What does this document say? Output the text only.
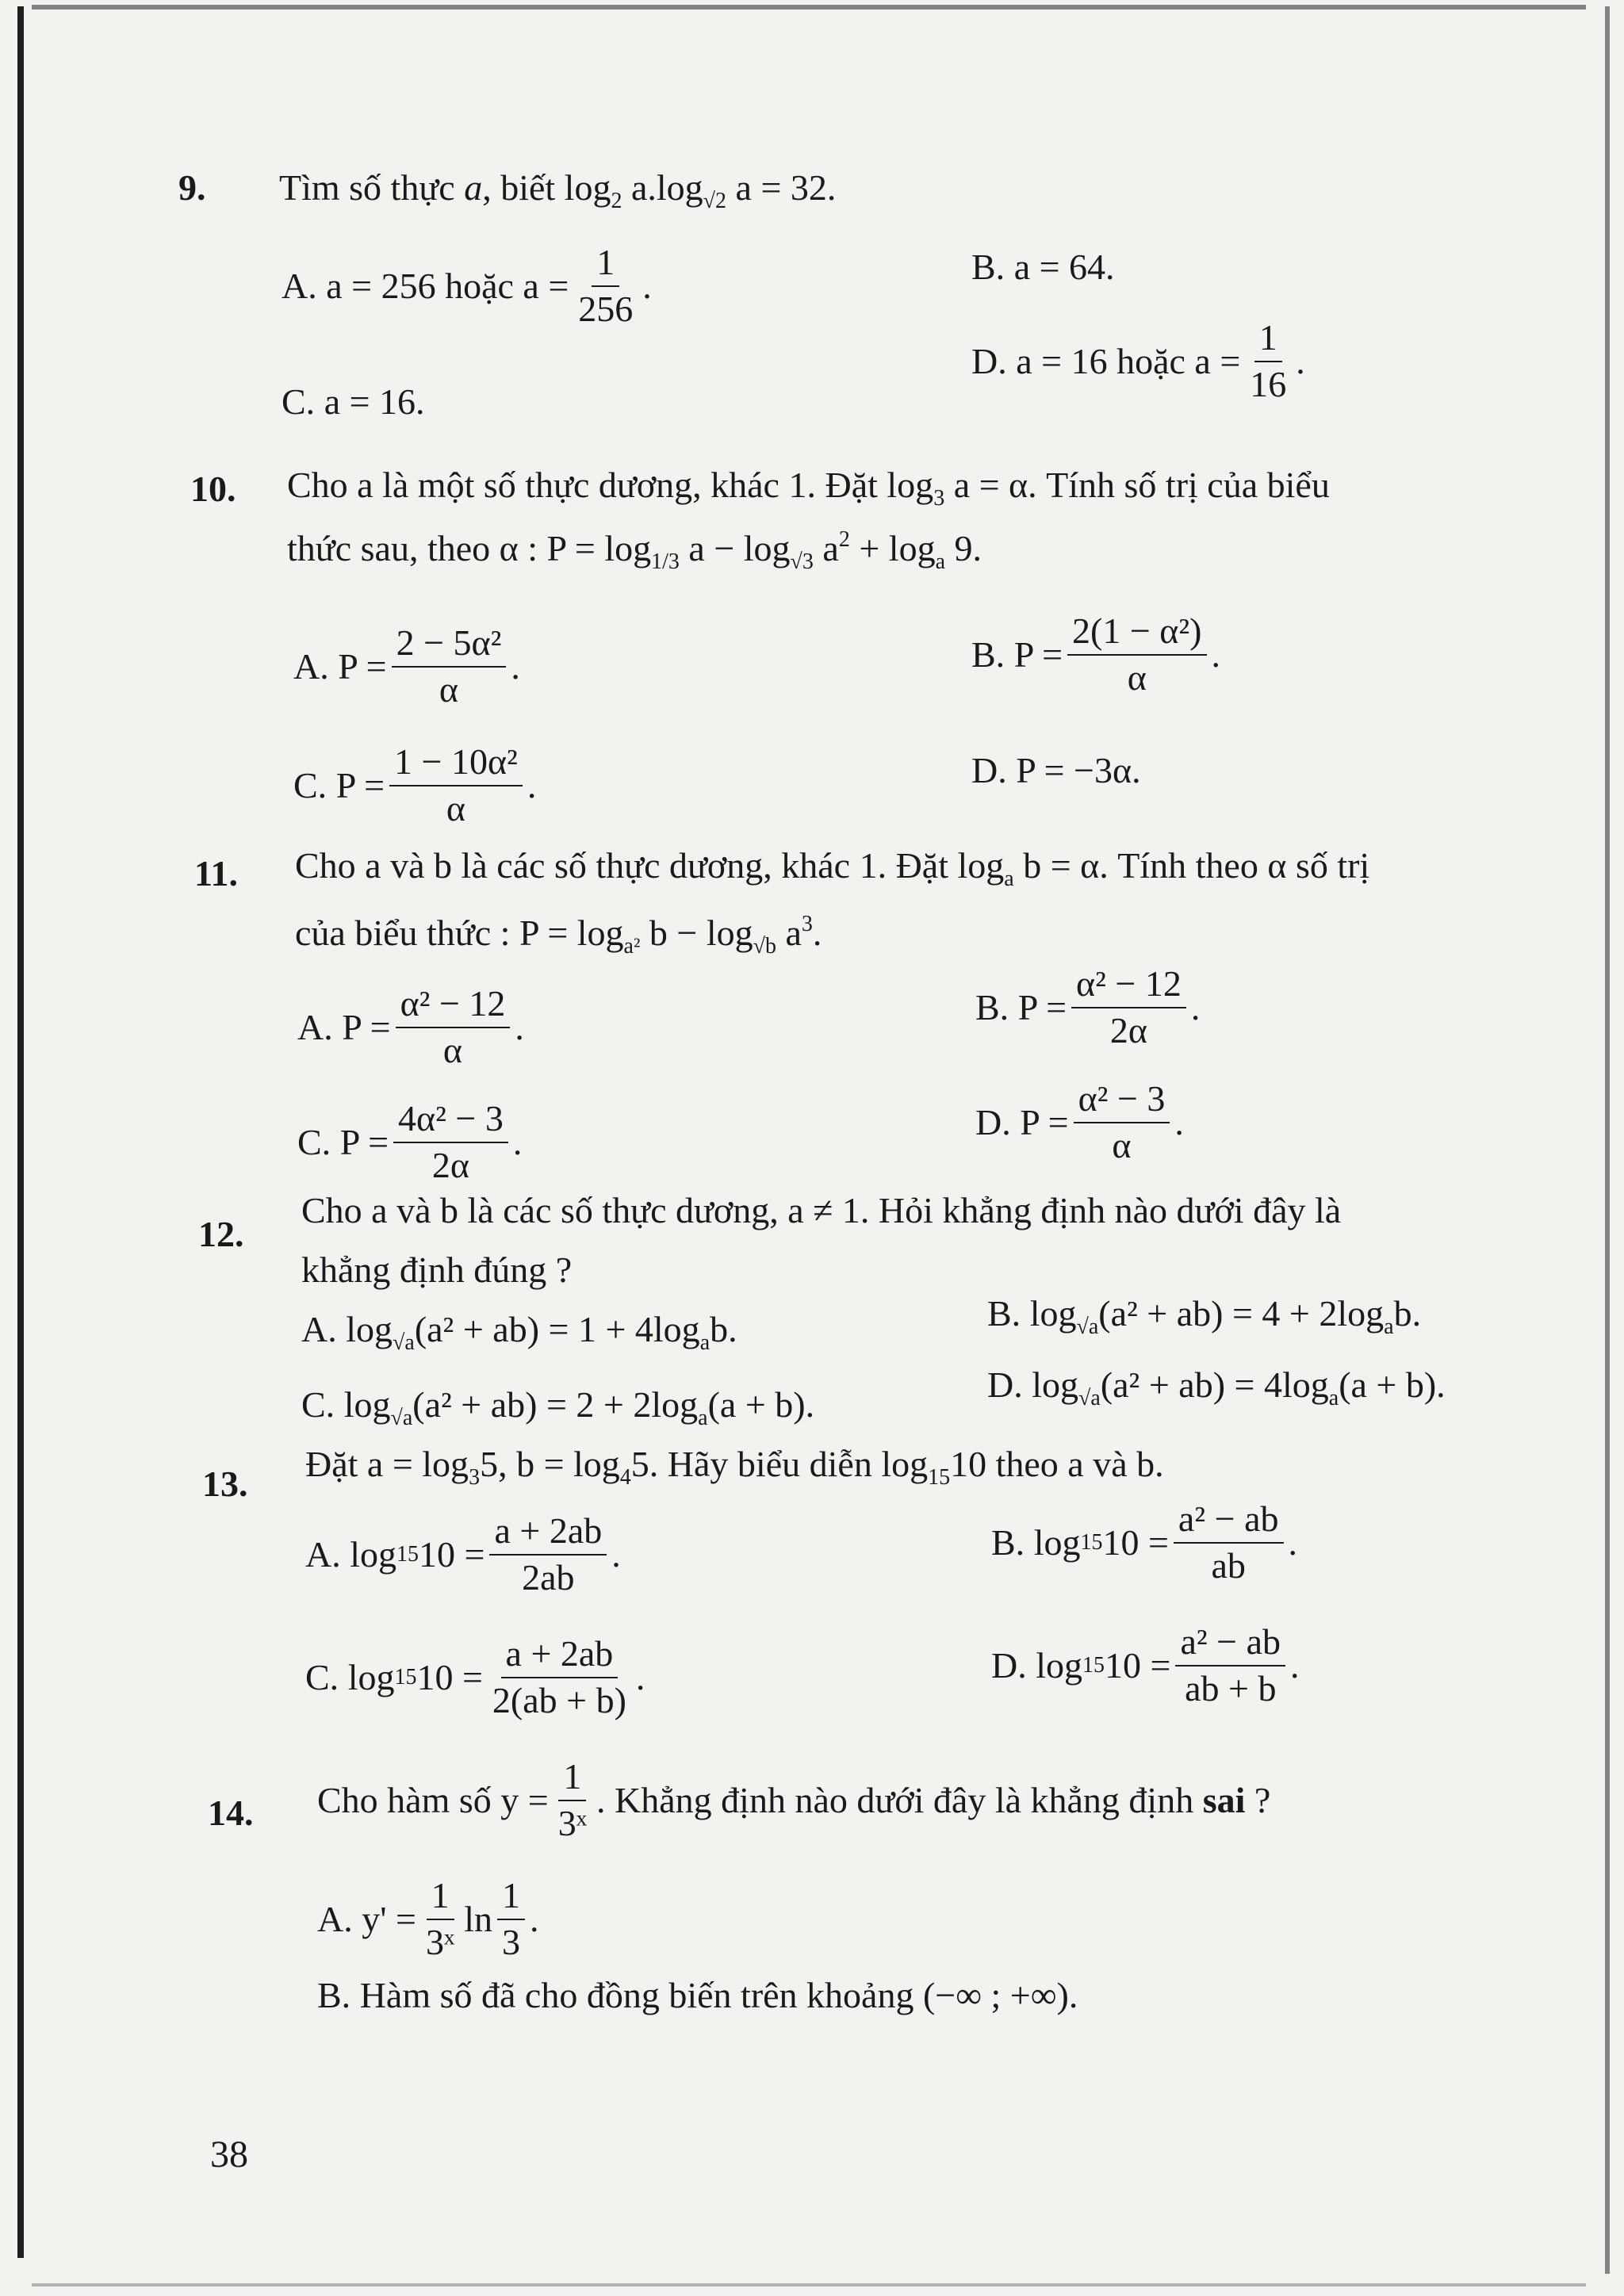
9. Tìm số thực a, biết $\log_2 a.\log_{√2}$ a = 32.
A.
a = 256 hoặc $a = \frac{1}{256}$ .	B. a = 64.
C. a = 16.
D.
a = 16 hoặc $a = \frac{1}{16}$ .
10. Cho a là một số thực dương, khác 1. Đặt $\log_3 a = \alpha$. Tính số trị của biểu
thức sau, theo α : $P = \log_{1/3} a - \log_{√3} a^2 + \log_a 9$.
A.
$P = \frac{\text{2 − 5α²}}{\alpha}$ .	B.
$P = \frac{\text{2(1 − α²)}}{\alpha}$ .
C.
$P = \frac{\text{1 − 10α²}}{\alpha}$ .	D. P = −3α.
11. Cho a và b là các số thực dương, khác 1. Đặt $\log_a b = \alpha$. Tính theo α số trị
của biểu thức : $P = \log_{a^2} b - \log_{√b} a^3$.
A.
$P = \frac{\text{α² − 12}}{\alpha}$ .	B.
$P = \frac{\text{α² − 12}}{2\alpha}$ .
C.
$P = \frac{\text{4α² − 3}}{2\alpha}$ .	D.
$P = \frac{\text{α² − 3}}{\alpha}$ .
12.
Cho a và b là các số thực dương, a ≠ 1. Hỏi khẳng định nào dưới đây là
khẳng định đúng ?
A. $\log_{√a}(a^2 + ab) = 1 + 4\log_ab$.	B. $\log_{√a}(a^2 + ab) = 4 + 2\log_ab$.
C. $\log_{√a}(a^2 + ab) = 2 + 2\log_a(a + b)$.	D. $\log_{√a}(a^2 + ab) = 4\log_a(a + b)$.
13. Đặt $a = \log_35$, $b = \log_45$. Hãy biểu diễn $\log_{15}10$ theo a và b.
A.
log 15 $10 = \frac{a + 2ab}{2ab}$ .	B.
log 15 $10 = \frac{\text{a² − ab}}{ab}$ .
C.
log 15 $10 = \frac{a + 2ab}{2(ab + b)}$ .	D.
log 15 $10 = \frac{\text{a² − ab}}{ab + b}$ .
14. Cho hàm số $y = \frac{1}{\text{3ˣ}}$ . Khẳng định nào dưới đây là khẳng định
sai
?
A.
$y' = \frac{1}{\text{3ˣ}}$ $\ln \frac{1}{3}$ .
B. Hàm số đã cho đồng biến trên khoảng (−∞ ; +∞).
38
